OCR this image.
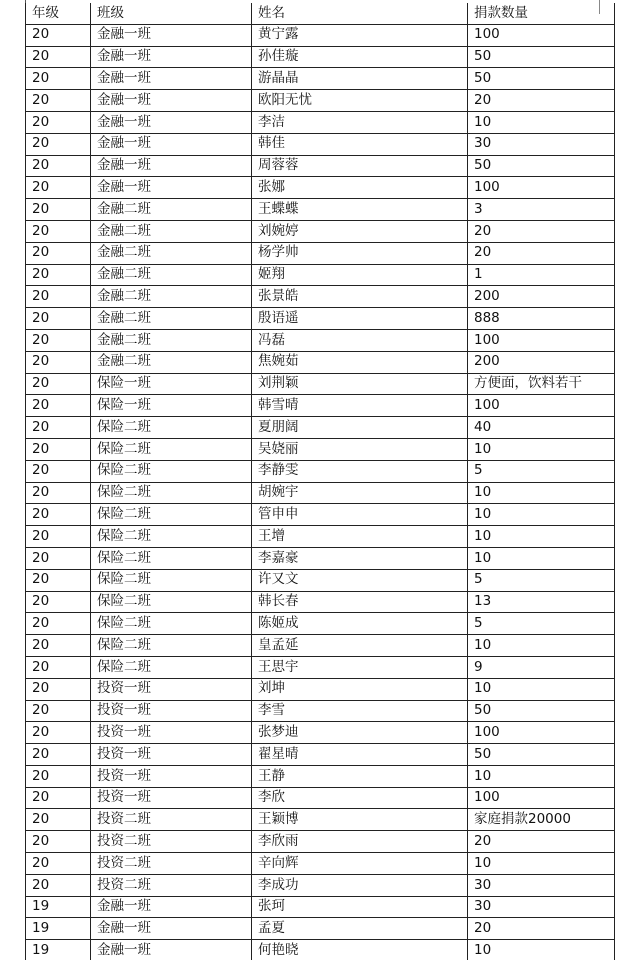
年级	班级	姓名	捐款数量
20	金融一班	黄宁露	100
20	金融一班	孙佳璇	50
20	金融一班	游晶晶	50
20	金融一班	欧阳无忧	20
20	金融一班	李洁	10
20	金融一班	韩佳	30
20	金融一班	周蓉蓉	50
20	金融一班	张娜	100
20	金融二班	王蝶蝶	3
20	金融二班	刘婉婷	20
20	金融二班	杨学帅	20
20	金融二班	姬翔	1
20	金融二班	张景皓	200
20	金融二班	殷语遥	888
20	金融二班	冯磊	100
20	金融二班	焦婉茹	200
20	保险一班	刘荆颖	方便面，饮料若干
20	保险一班	韩雪晴	100
20	保险二班	夏朋阔	40
20	保险二班	吴娆丽	10
20	保险二班	李静雯	5
20	保险二班	胡婉宇	10
20	保险二班	管申申	10
20	保险二班	王增	10
20	保险二班	李嘉豪	10
20	保险二班	许又文	5
20	保险二班	韩长春	13
20	保险二班	陈姬成	5
20	保险二班	皇孟延	10
20	保险二班	王思宇	9
20	投资一班	刘坤	10
20	投资一班	李雪	50
20	投资一班	张梦迪	100
20	投资一班	翟星晴	50
20	投资一班	王静	10
20	投资一班	李欣	100
20	投资二班	王颖博	家庭捐款20000
20	投资二班	李欣雨	20
20	投资二班	辛向辉	10
20	投资二班	李成功	30
19	金融一班	张珂	30
19	金融一班	孟夏	20
19	金融一班	何艳晓	10
